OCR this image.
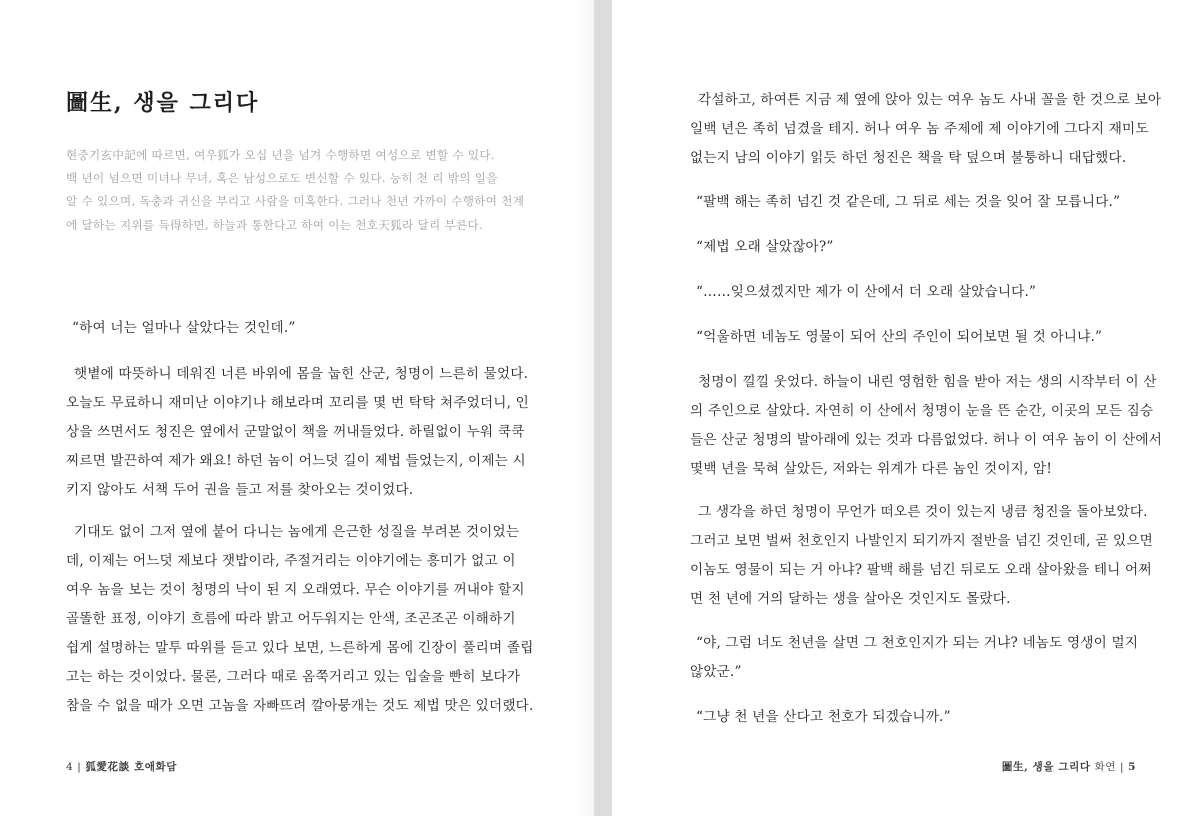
圖生, 생을 그리다

현중기玄中記에 따르면, 여우狐가 오십 년을 넘겨 수행하면 여성으로 변할 수 있다.

백 년이 넘으면 미녀나 무녀, 혹은 남성으로도 변신할 수 있다. 능히 천 리 밖의 일을

알 수 있으며, 독충과 귀신을 부리고 사람을 미혹한다. 그러나 천년 가까이 수행하여 천계

에 달하는 지위를 득得하면, 하늘과 통한다고 하여 이는 천호天狐라 달리 부른다.

“하여 너는 얼마나 살았다는 것인데.”
햇볕에 따뜻하니 데워진 너른 바위에 몸을 눕힌 산군, 청명이 느른히 물었다.
오늘도 무료하니 재미난 이야기나 해보라며 꼬리를 몇 번 탁탁 쳐주었더니, 인
상을 쓰면서도 청진은 옆에서 군말없이 책을 꺼내들었다. 하릴없이 누워 쿡쿡
찌르면 발끈하여 제가 왜요! 하던 놈이 어느덧 길이 제법 들었는지, 이제는 시
키지 않아도 서책 두어 권을 들고 저를 찾아오는 것이었다.
기대도 없이 그저 옆에 붙어 다니는 놈에게 은근한 성질을 부려본 것이었는
데, 이제는 어느덧 제보다 잿밥이라, 주절거리는 이야기에는 흥미가 없고 이
여우 놈을 보는 것이 청명의 낙이 된 지 오래였다. 무슨 이야기를 꺼내야 할지
골똘한 표정, 이야기 흐름에 따라 밝고 어두워지는 안색, 조곤조곤 이해하기
쉽게 설명하는 말투 따위를 듣고 있다 보면, 느른하게 몸에 긴장이 풀리며 졸립
고는 하는 것이었다. 물론, 그러다 때로 옴쭉거리고 있는 입술을 빤히 보다가
참을 수 없을 때가 오면 고놈을 자빠뜨려 깔아뭉개는 것도 제법 맛은 있더랬다.
4 | 狐愛花談 호애화담
각설하고, 하여튼 지금 제 옆에 앉아 있는 여우 놈도 사내 꼴을 한 것으로 보아
일백 년은 족히 넘겼을 테지. 허나 여우 놈 주제에 제 이야기에 그다지 재미도
없는지 남의 이야기 읽듯 하던 청진은 책을 탁 덮으며 불퉁하니 대답했다.
“팔백 해는 족히 넘긴 것 같은데, 그 뒤로 세는 것을 잊어 잘 모릅니다.”
“제법 오래 살았잖아?”
“……잊으셨겠지만 제가 이 산에서 더 오래 살았습니다.”
“억울하면 네놈도 영물이 되어 산의 주인이 되어보면 될 것 아니냐.”
청명이 낄낄 웃었다. 하늘이 내린 영험한 힘을 받아 저는 생의 시작부터 이 산
의 주인으로 살았다. 자연히 이 산에서 청명이 눈을 뜬 순간, 이곳의 모든 짐승
들은 산군 청명의 발아래에 있는 것과 다름없었다. 허나 이 여우 놈이 이 산에서
몇백 년을 묵혀 살았든, 저와는 위계가 다른 놈인 것이지, 암!
그 생각을 하던 청명이 무언가 떠오른 것이 있는지 냉큼 청진을 돌아보았다.
그러고 보면 벌써 천호인지 나발인지 되기까지 절반을 넘긴 것인데, 곧 있으면
이놈도 영물이 되는 거 아냐? 팔백 해를 넘긴 뒤로도 오래 살아왔을 테니 어쩌
면 천 년에 거의 달하는 생을 살아온 것인지도 몰랐다.
“야, 그럼 너도 천년을 살면 그 천호인지가 되는 거냐? 네놈도 영생이 멀지
않았군.”
“그냥 천 년을 산다고 천호가 되겠습니까.”
圖生, 생을 그리다 화연 | 5
